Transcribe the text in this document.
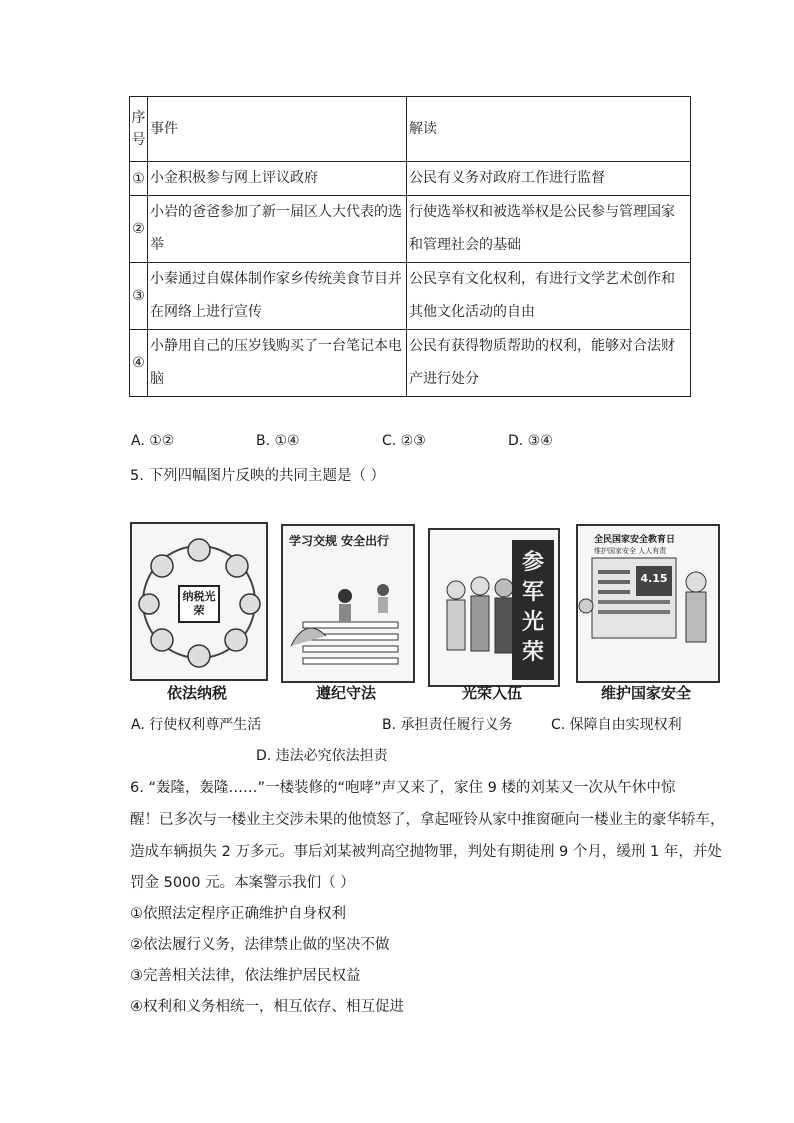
序号	事件	解读
①	小金积极参与网上评议政府	公民有义务对政府工作进行监督
②	小岩的爸爸参加了新一届区人大代表的选举	行使选举权和被选举权是公民参与管理国家和管理社会的基础
③	小秦通过自媒体制作家乡传统美食节目并在网络上进行宣传	公民享有文化权利，有进行文学艺术创作和其他文化活动的自由
④	小静用自己的压岁钱购买了一台笔记本电脑	公民有获得物质帮助的权利，能够对合法财产进行处分
A. ①②	B. ①④	C. ②③	D. ③④
5. 下列四幅图片反映的共同主题是（ ）
纳税光荣
学习交规 安全出行
参军光荣
全民国家安全教育日
维护国家安全 人人有责
4.15
依法纳税	遵纪守法	光荣入伍	维护国家安全
A. 行使权利尊严生活	B. 承担责任履行义务	C. 保障自由实现权利
D. 违法必究依法担责
6. “轰隆，轰隆……”一楼装修的“咆哮”声又来了，家住 9 楼的刘某又一次从午休中惊
醒！已多次与一楼业主交涉未果的他愤怒了，拿起哑铃从家中推窗砸向一楼业主的豪华轿车，
造成车辆损失 2 万多元。事后刘某被判高空抛物罪，判处有期徒刑 9 个月，缓刑 1 年，并处
罚金 5000 元。本案警示我们（ ）
①依照法定程序正确维护自身权利
②依法履行义务，法律禁止做的坚决不做
③完善相关法律，依法维护居民权益
④权利和义务相统一，相互依存、相互促进
